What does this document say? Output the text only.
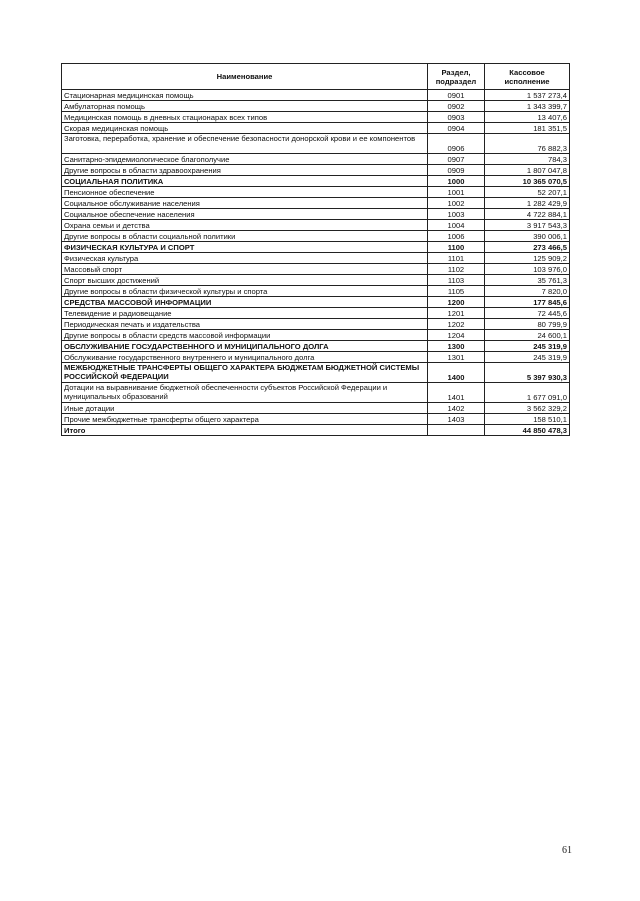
Наименование	Раздел, подраздел	Кассовое исполнение
Стационарная медицинская помощь	0901	1 537 273,4
Амбулаторная помощь	0902	1 343 399,7
Медицинская помощь в дневных стационарах всех типов	0903	13 407,6
Скорая медицинская помощь	0904	181 351,5
Заготовка, переработка, хранение и обеспечение безопасности донорской крови и ее компонентов	0906	76 882,3
Санитарно-эпидемиологическое благополучие	0907	784,3
Другие вопросы в области здравоохранения	0909	1 807 047,8
СОЦИАЛЬНАЯ ПОЛИТИКА	1000	10 365 070,5
Пенсионное обеспечение	1001	52 207,1
Социальное обслуживание населения	1002	1 282 429,9
Социальное обеспечение населения	1003	4 722 884,1
Охрана семьи и детства	1004	3 917 543,3
Другие вопросы в области социальной политики	1006	390 006,1
ФИЗИЧЕСКАЯ КУЛЬТУРА И СПОРТ	1100	273 466,5
Физическая культура	1101	125 909,2
Массовый спорт	1102	103 976,0
Спорт высших достижений	1103	35 761,3
Другие вопросы в области физической культуры и спорта	1105	7 820,0
СРЕДСТВА МАССОВОЙ ИНФОРМАЦИИ	1200	177 845,6
Телевидение и радиовещание	1201	72 445,6
Периодическая печать и издательства	1202	80 799,9
Другие вопросы в области средств массовой информации	1204	24 600,1
ОБСЛУЖИВАНИЕ ГОСУДАРСТВЕННОГО И МУНИЦИПАЛЬНОГО ДОЛГА	1300	245 319,9
Обслуживание государственного внутреннего и муниципального долга	1301	245 319,9
МЕЖБЮДЖЕТНЫЕ ТРАНСФЕРТЫ ОБЩЕГО ХАРАКТЕРА БЮДЖЕТАМ БЮДЖЕТНОЙ СИСТЕМЫ РОССИЙСКОЙ ФЕДЕРАЦИИ	1400	5 397 930,3
Дотации на выравнивание бюджетной обеспеченности субъектов Российской Федерации и муниципальных образований	1401	1 677 091,0
Иные дотации	1402	3 562 329,2
Прочие межбюджетные трансферты общего характера	1403	158 510,1
Итого		44 850 478,3
61
